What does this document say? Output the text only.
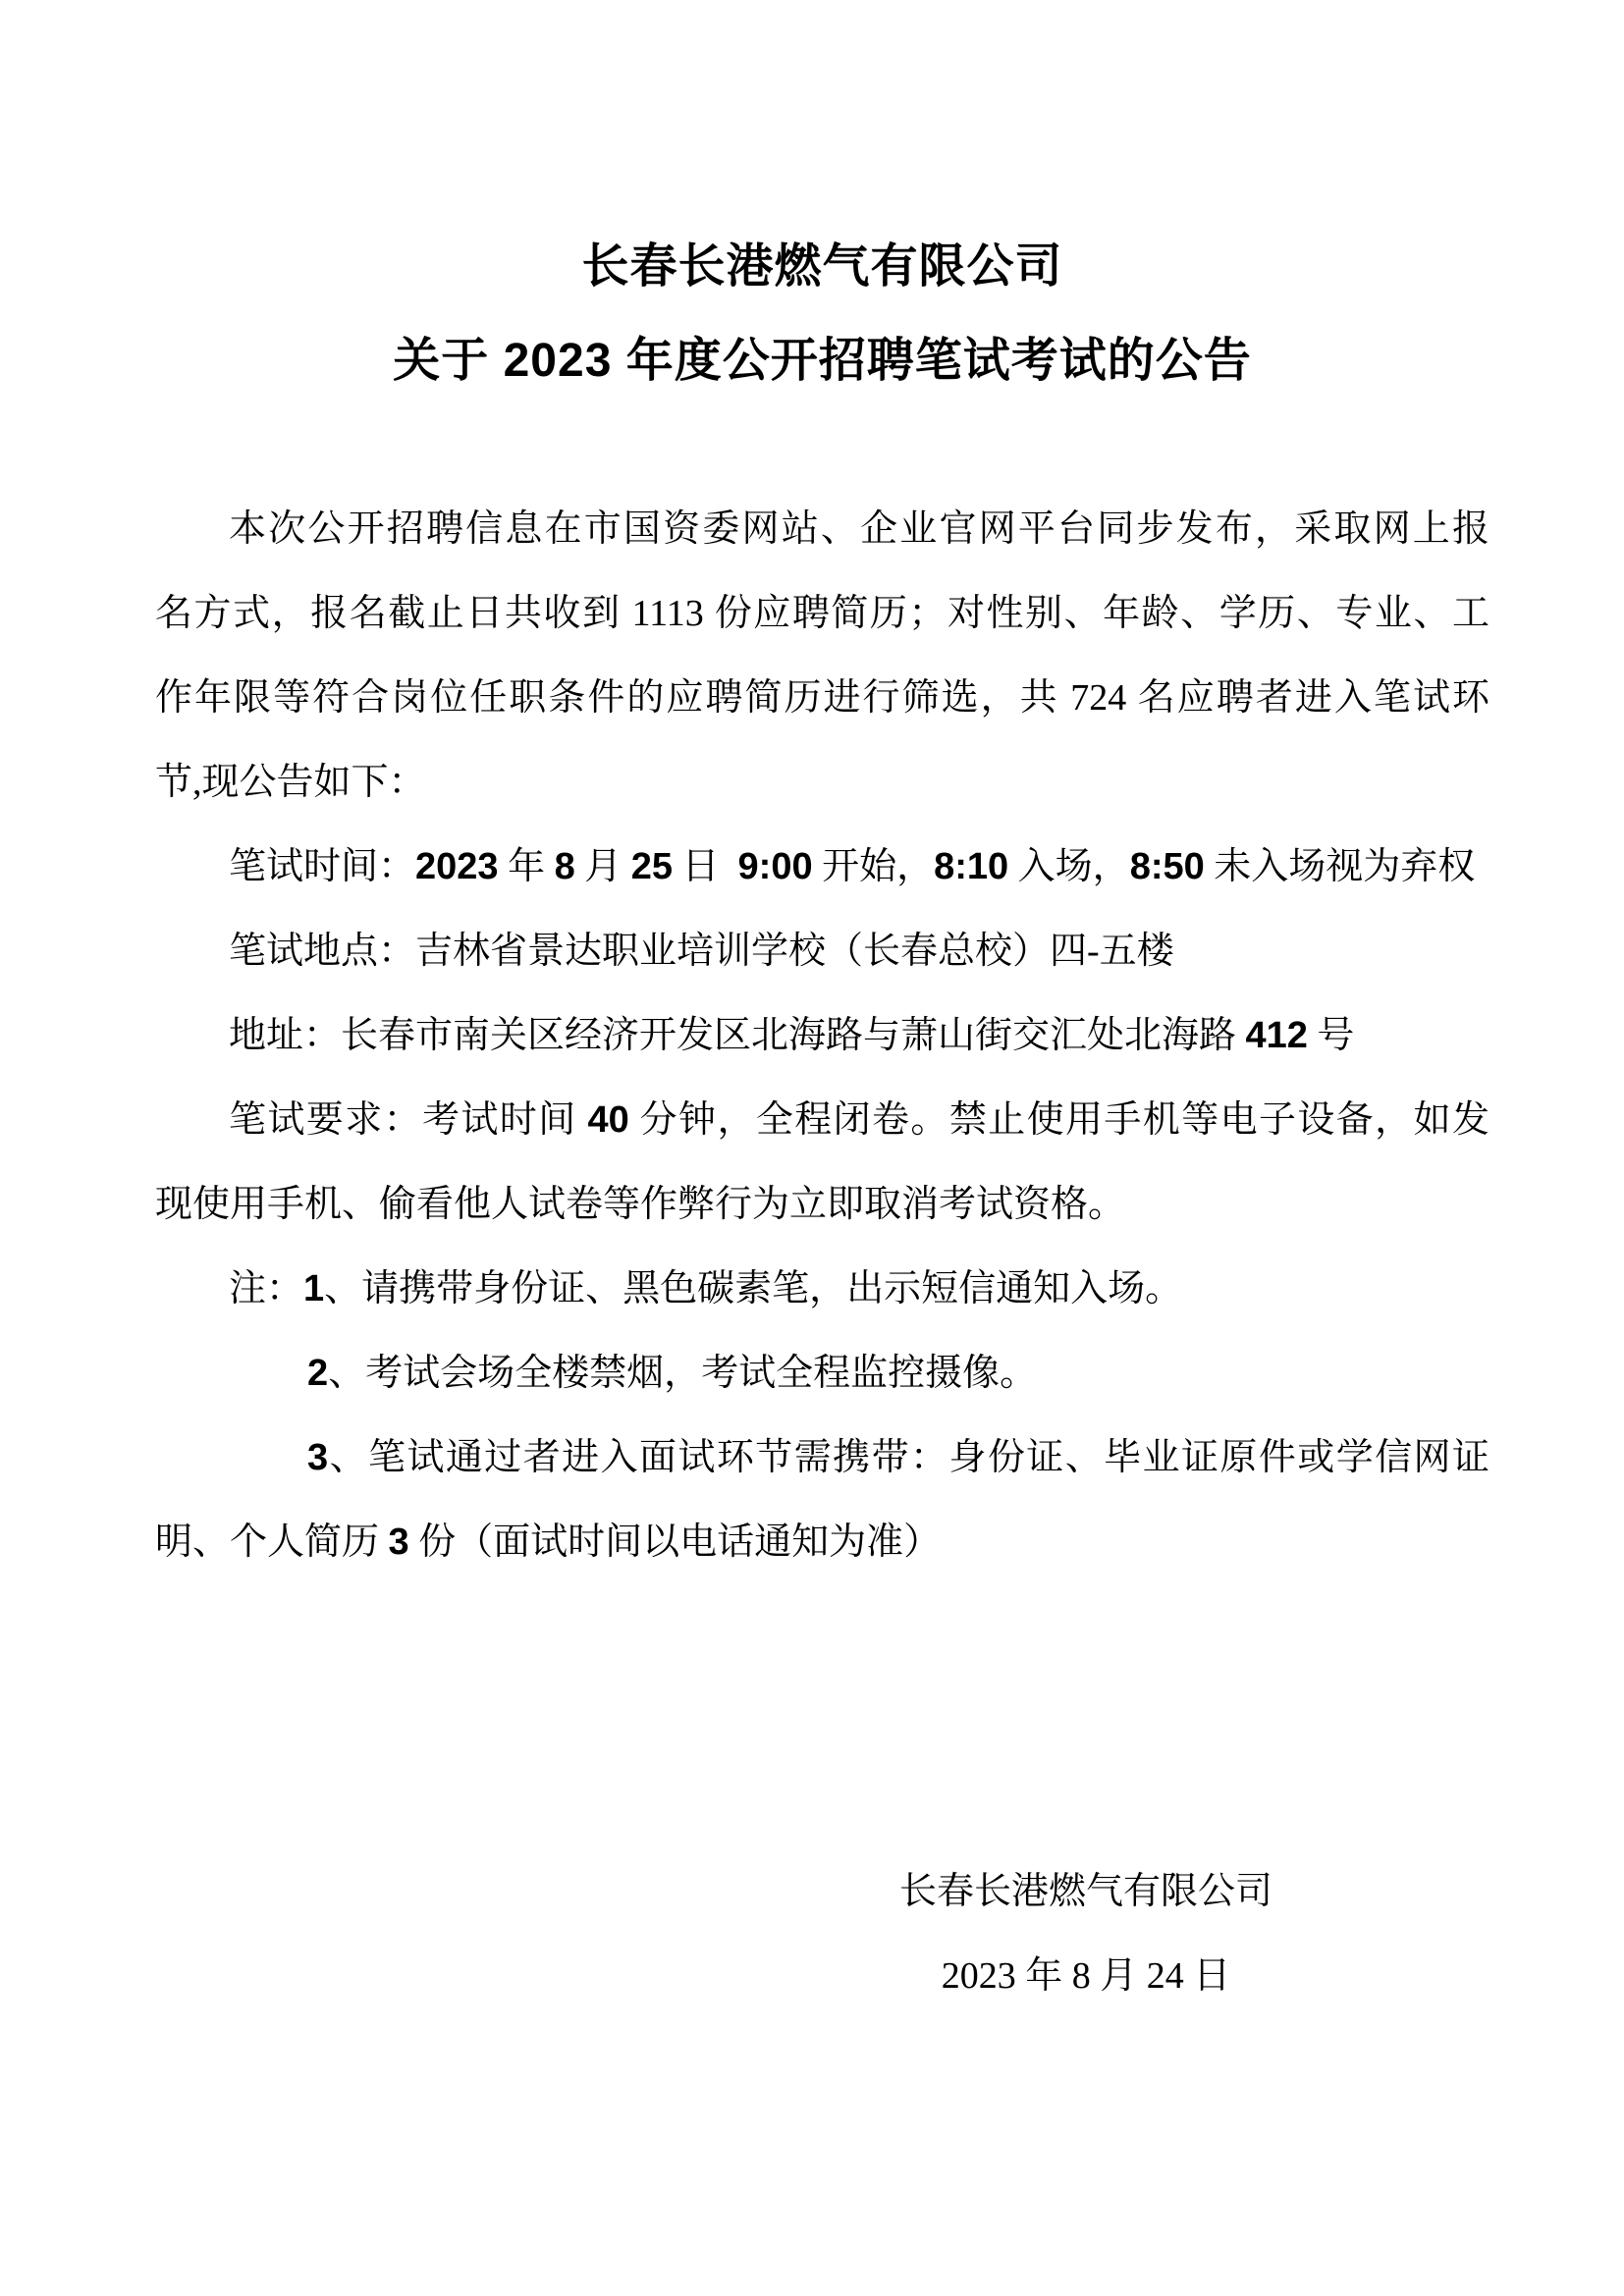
长春长港燃气有限公司
关于 2023 年度公开招聘笔试考试的公告
本次公开招聘信息在市国资委网站、企业官网平台同步发布，采取网上报
名方式，报名截止日共收到 1113 份应聘简历；对性别、年龄、学历、专业、工
作年限等符合岗位任职条件的应聘简历进行筛选，共 724 名应聘者进入笔试环
节,现公告如下：
笔试时间：2023 年 8 月 25 日  9:00 开始，8:10 入场，8:50 未入场视为弃权
笔试地点：吉林省景达职业培训学校（长春总校）四-五楼
地址：长春市南关区经济开发区北海路与萧山街交汇处北海路 412 号
笔试要求：考试时间 40 分钟，全程闭卷。禁止使用手机等电子设备，如发
现使用手机、偷看他人试卷等作弊行为立即取消考试资格。
注：1、请携带身份证、黑色碳素笔，出示短信通知入场。
2、考试会场全楼禁烟，考试全程监控摄像。
3、笔试通过者进入面试环节需携带：身份证、毕业证原件或学信网证
明、个人简历 3 份（面试时间以电话通知为准）
长春长港燃气有限公司
2023 年 8 月 24 日
